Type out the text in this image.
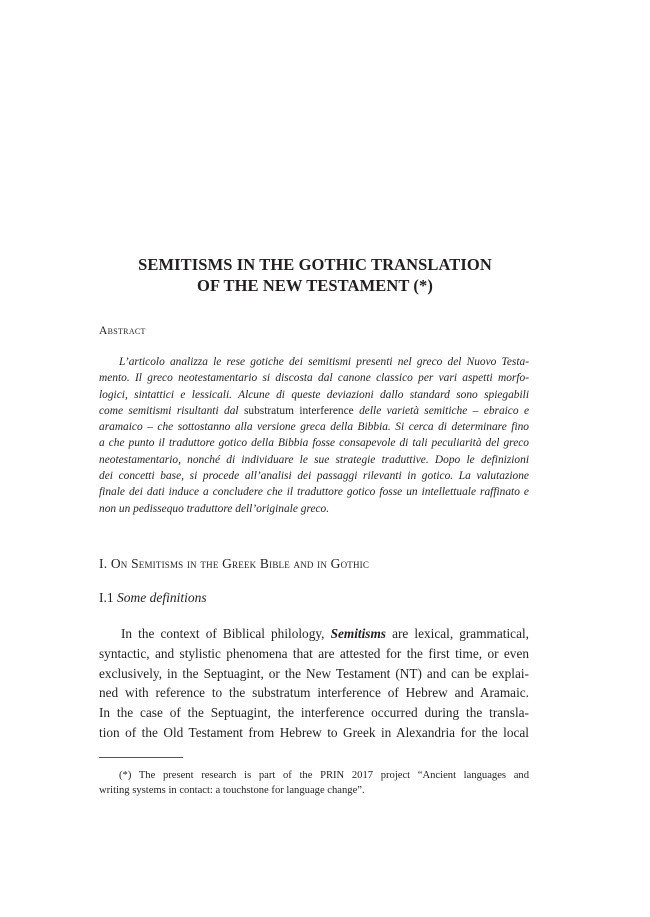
SEMITISMS IN THE GOTHIC TRANSLATION
OF THE NEW TESTAMENT (*)
Abstract
L’articolo analizza le rese gotiche dei semitismi presenti nel greco del Nuovo Testa-
mento. Il greco neotestamentario si discosta dal canone classico per vari aspetti morfo-
logici, sintattici e lessicali. Alcune di queste deviazioni dallo standard sono spiegabili
come semitismi risultanti dal substratum interference delle varietà semitiche – ebraico e
aramaico – che sottostanno alla versione greca della Bibbia. Si cerca di determinare fino
a che punto il traduttore gotico della Bibbia fosse consapevole di tali peculiarità del greco
neotestamentario, nonché di individuare le sue strategie traduttive. Dopo le definizioni
dei concetti base, si procede all’analisi dei passaggi rilevanti in gotico. La valutazione
finale dei dati induce a concludere che il traduttore gotico fosse un intellettuale raffinato e
non un pedissequo traduttore dell’originale greco.
I. On Semitisms in the Greek Bible and in Gothic
I.1 Some definitions
In the context of Biblical philology, Semitisms are lexical, grammatical,
syntactic, and stylistic phenomena that are attested for the first time, or even
exclusively, in the Septuagint, or the New Testament (NT) and can be explai-
ned with reference to the substratum interference of Hebrew and Aramaic.
In the case of the Septuagint, the interference occurred during the transla-
tion of the Old Testament from Hebrew to Greek in Alexandria for the local
(*) The present research is part of the PRIN 2017 project “Ancient languages and
writing systems in contact: a touchstone for language change”.
